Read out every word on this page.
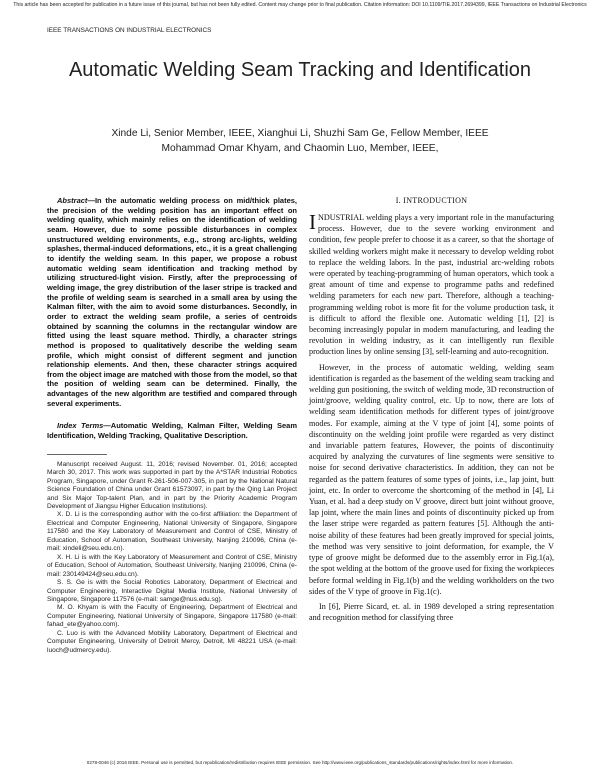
This article has been accepted for publication in a future issue of this journal, but has not been fully edited. Content may change prior to final publication. Citation information: DOI 10.1109/TIE.2017.2694399, IEEE Transactions on Industrial Electronics
IEEE TRANSACTIONS ON INDUSTRIAL ELECTRONICS
Automatic Welding Seam Tracking and Identification
Xinde Li, Senior Member, IEEE, Xianghui Li, Shuzhi Sam Ge, Fellow Member, IEEE
Mohammad Omar Khyam, and Chaomin Luo, Member, IEEE,

Abstract—In the automatic welding process on mid/thick plates, the precision of the welding position has an important effect on welding quality, which mainly relies on the identification of welding seam. However, due to some possible disturbances in complex unstructured welding environments, e.g., strong arc-lights, welding splashes, thermal-induced deformations, etc., it is a great challenging to identify the welding seam. In this paper, we propose a robust automatic welding seam identification and tracking method by utilizing structured-light vision. Firstly, after the preprocessing of welding image, the grey distribution of the laser stripe is tracked and the profile of welding seam is searched in a small area by using the Kalman filter, with the aim to avoid some disturbances. Secondly, in order to extract the welding seam profile, a series of centroids obtained by scanning the columns in the rectangular window are fitted using the least square method. Thirdly, a character strings method is proposed to qualitatively describe the welding seam profile, which might consist of different segment and junction relationship elements. And then, these character strings acquired from the object image are matched with those from the model, so that the position of welding seam can be determined. Finally, the advantages of the new algorithm are testified and compared through several experiments.

Index Terms—Automatic Welding, Kalman Filter, Welding Seam Identification, Welding Tracking, Qualitative Description.

Manuscript received August. 11, 2016; revised November. 01, 2016; accepted March 30, 2017. This work was supported in part by the A*STAR Industrial Robotics Program, Singapore, under Grant R-261-506-007-305, in part by the National Natural Science Foundation of China under Grant 61573097, in part by the Qing Lan Project and Six Major Top-talent Plan, and in part by the Priority Academic Program Development of Jiangsu Higher Education Institutions).

X. D. Li is the corresponding author with the co-first affiliation: the Department of Electrical and Computer Engineering, National University of Singapore, Singapore 117580 and the Key Laboratory of Measurement and Control of CSE, Ministry of Education, School of Automation, Southeast University, Nanjing 210096, China (e-mail: xindeli@seu.edu.cn).

X. H. Li is with the Key Laboratory of Measurement and Control of CSE, Ministry of Education, School of Automation, Southeast University, Nanjing 210096, China (e-mail: 230149424@seu.edu.cn).

S. S. Ge is with the Social Robotics Laboratory, Department of Electrical and Computer Engineering, Interactive Digital Media Institute, National University of Singapore, Singapore 117576 (e-mail: samge@nus.edu.sg).

M. O. Khyam is with the Faculty of Engineering, Department of Electrical and Computer Engineering, National University of Singapore, Singapore 117580 (e-mail: fahad_ete@yahoo.com).

C. Luo is with the Advanced Mobility Laboratory, Department of Electrical and Computer Engineering, University of Detroit Mercy, Detroit, MI 48221 USA (e-mail: luoch@udmercy.edu).

I. INTRODUCTION

INDUSTRIAL welding plays a very important role in the manufacturing process. However, due to the severe working environment and condition, few people prefer to choose it as a career, so that the shortage of skilled welding workers might make it necessary to develop welding robot to replace the welding labors. In the past, industrial arc-welding robots were operated by teaching-programming of human operators, which took a great amount of time and expense to programme paths and redefined welding parameters for each new part. Therefore, although a teaching-programming welding robot is more fit for the volume production task, it is difficult to afford the flexible one. Automatic welding [1], [2] is becoming increasingly popular in modern manufacturing, and leading the revolution in welding industry, as it can intelligently run flexible production lines by online sensing [3], self-learning and auto-recognition.

However, in the process of automatic welding, welding seam identification is regarded as the basement of the welding seam tracking and welding gun positioning, the switch of welding mode, 3D reconstruction of joint/groove, welding quality control, etc. Up to now, there are lots of welding seam identification methods for different types of joint/groove modes. For example, aiming at the V type of joint [4], some points of discontinuity on the welding joint profile were regarded as very distinct and invariable pattern features, However, the points of discontinuity acquired by analyzing the curvatures of line segments were sensitive to noise for second derivative characteristics. In addition, they can not be regarded as the pattern features of some types of joints, i.e., lap joint, butt joint, etc. In order to overcome the shortcoming of the method in [4], Li Yuan, et al. had a deep study on V groove, direct butt joint without groove, lap joint, where the main lines and points of discontinuity picked up from the laser stripe were regarded as pattern features [5]. Although the anti-noise ability of these features had been greatly improved for special joints, the method was very sensitive to joint deformation, for example, the V type of groove might be deformed due to the assembly error in Fig.1(a), the spot welding at the bottom of the groove used for fixing the workpieces before formal welding in Fig.1(b) and the welding workholders on the two sides of the V type of groove in Fig.1(c).

In [6], Pierre Sicard, et. al. in 1989 developed a string representation and recognition method for classifying three

0278-0046 (c) 2016 IEEE. Personal use is permitted, but republication/redistribution requires IEEE permission. See http://www.ieee.org/publications_standards/publications/rights/index.html for more information.
